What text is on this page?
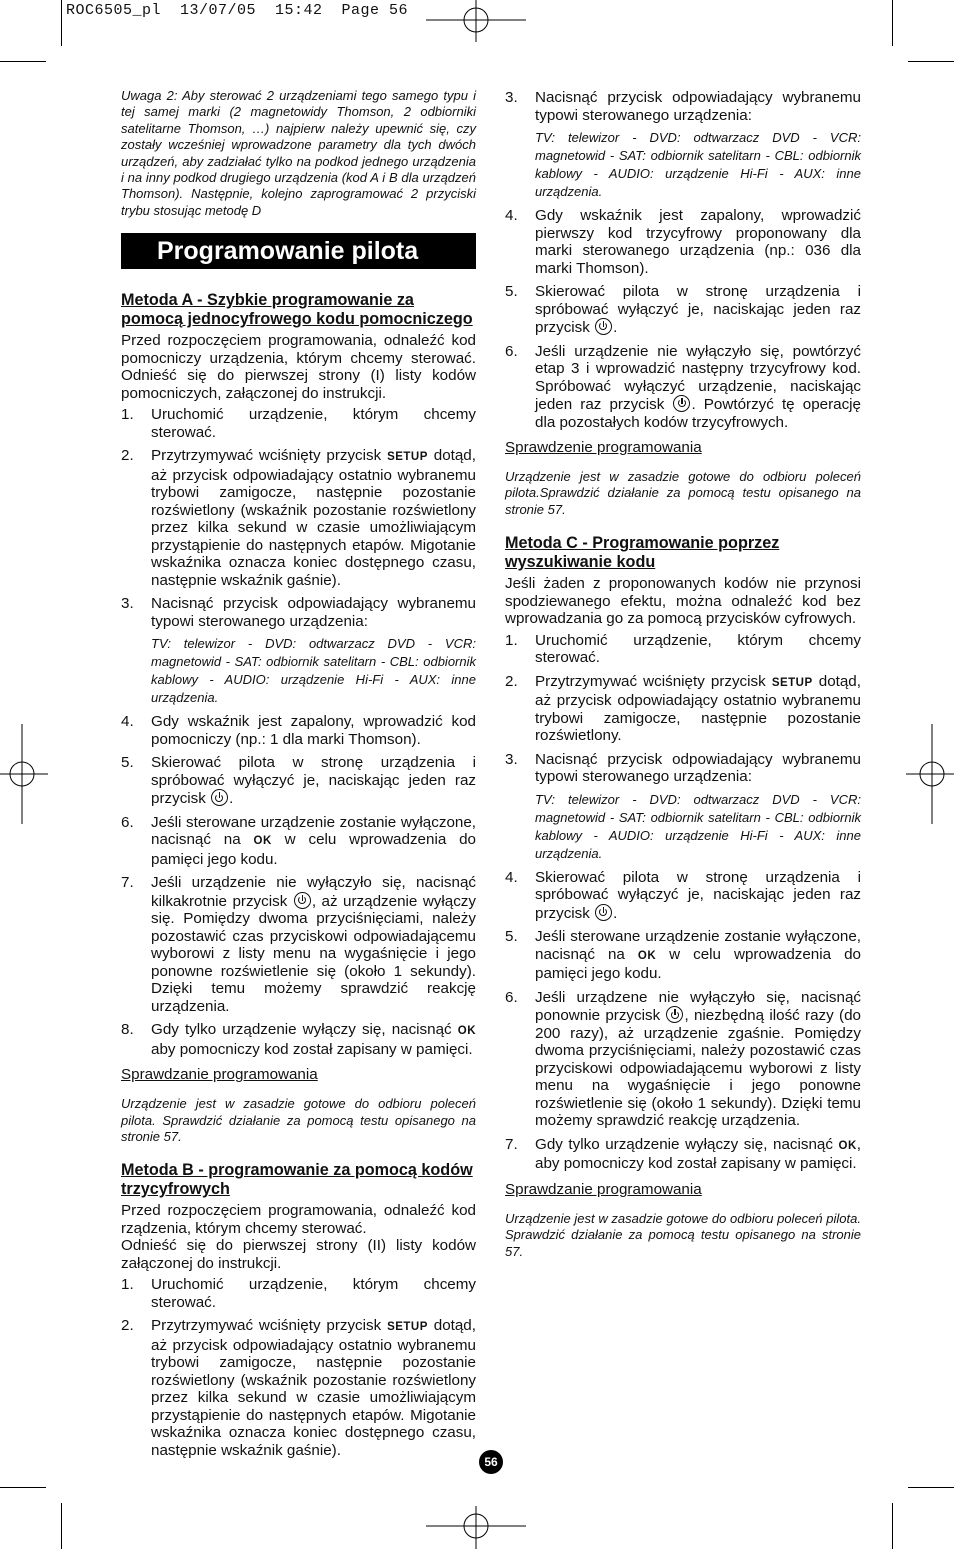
ROC6505_pl  13/07/05  15:42  Page 56

Uwaga 2: Aby sterować 2 urządzeniami tego samego typu i tej samej marki (2 magnetowidy Thomson, 2 odbiorniki satelitarne Thomson, …) najpierw należy upewnić się, czy zostały wcześniej wprowadzone parametry dla tych dwóch urządzeń, aby zadziałać tylko na podkod jednego urządzenia i na inny podkod drugiego urządzenia (kod A i B dla urządzeń Thomson). Następnie, kolejno zaprogramować 2 przyciski trybu stosując metodę D

Programowanie pilota
Metoda A - Szybkie programowanie za pomocą jednocyfrowego kodu pomocniczego

Przed rozpoczęciem programowania, odnaleźć kod pomocniczy urządzenia, którym chcemy sterować. Odnieść się do pierwszej strony (I) listy kodów pomocniczych, załączonej do instrukcji.

1. Uruchomić urządzenie, którym chcemy sterować.
2. Przytrzymywać wciśnięty przycisk SETUP dotąd, aż przycisk odpowiadający ostatnio wybranemu trybowi zamigocze, następnie pozostanie rozświetlony (wskaźnik pozostanie rozświetlony przez kilka sekund w czasie umożliwiającym przystąpienie do następnych etapów. Migotanie wskaźnika oznacza koniec dostępnego czasu, następnie wskaźnik gaśnie).
3. Nacisnąć przycisk odpowiadający wybranemu typowi sterowanego urządzenia:
TV: telewizor - DVD: odtwarzacz DVD - VCR: magnetowid - SAT: odbiornik satelitarn - CBL: odbiornik kablowy - AUDIO: urządzenie Hi-Fi - AUX: inne urządzenia.
4. Gdy wskaźnik jest zapalony, wprowadzić kod pomocniczy (np.: 1 dla marki Thomson).
5. Skierować pilota w stronę urządzenia i spróbować wyłączyć je, naciskając jeden raz przycisk .
6. Jeśli sterowane urządzenie zostanie wyłączone, nacisnąć na OK w celu wprowadzenia do pamięci jego kodu.
7. Jeśli urządzenie nie wyłączyło się, nacisnąć kilkakrotnie przycisk , aż urządzenie wyłączy się. Pomiędzy dwoma przyciśnięciami, należy pozostawić czas przyciskowi odpowiadającemu wyborowi z listy menu na wygaśnięcie i jego ponowne rozświetlenie się (około 1 sekundy). Dzięki temu możemy sprawdzić reakcję urządzenia.
8. Gdy tylko urządzenie wyłączy się, nacisnąć OK aby pomocniczy kod został zapisany w pamięci.
Sprawdzanie programowania

Urządzenie jest w zasadzie gotowe do odbioru poleceń pilota. Sprawdzić działanie za pomocą testu opisanego na stronie 57.

Metoda B - programowanie za pomocą kodów trzycyfrowych

Przed rozpoczęciem programowania, odnaleźć kod rządzenia, którym chcemy sterować.

Odnieść się do pierwszej strony (II) listy kodów załączonej do instrukcji.

1. Uruchomić urządzenie, którym chcemy sterować.
2. Przytrzymywać wciśnięty przycisk SETUP dotąd, aż przycisk odpowiadający ostatnio wybranemu trybowi zamigocze, następnie pozostanie rozświetlony (wskaźnik pozostanie rozświetlony przez kilka sekund w czasie umożliwiającym przystąpienie do następnych etapów. Migotanie wskaźnika oznacza koniec dostępnego czasu, następnie wskaźnik gaśnie).
3. Nacisnąć przycisk odpowiadający wybranemu typowi sterowanego urządzenia:
TV: telewizor - DVD: odtwarzacz DVD - VCR: magnetowid - SAT: odbiornik satelitarn - CBL: odbiornik kablowy - AUDIO: urządzenie Hi-Fi - AUX: inne urządzenia.
4. Gdy wskaźnik jest zapalony, wprowadzić pierwszy kod trzycyfrowy proponowany dla marki sterowanego urządzenia (np.: 036 dla marki Thomson).
5. Skierować pilota w stronę urządzenia i spróbować wyłączyć je, naciskając jeden raz przycisk .
6. Jeśli urządzenie nie wyłączyło się, powtórzyć etap 3 i wprowadzić następny trzycyfrowy kod. Spróbować wyłączyć urządzenie, naciskając jeden raz przycisk . Powtórzyć tę operację dla pozostałych kodów trzycyfrowych.
Sprawdzenie programowania

Urządzenie jest w zasadzie gotowe do odbioru poleceń pilota.Sprawdzić działanie za pomocą testu opisanego na stronie 57.

Metoda C - Programowanie poprzez wyszukiwanie kodu

Jeśli żaden z proponowanych kodów nie przynosi spodziewanego efektu, można odnaleźć kod bez wprowadzania go za pomocą przycisków cyfrowych.

1. Uruchomić urządzenie, którym chcemy sterować.
2. Przytrzymywać wciśnięty przycisk SETUP dotąd, aż przycisk odpowiadający ostatnio wybranemu trybowi zamigocze, następnie pozostanie rozświetlony.
3. Nacisnąć przycisk odpowiadający wybranemu typowi sterowanego urządzenia:
TV: telewizor - DVD: odtwarzacz DVD - VCR: magnetowid - SAT: odbiornik satelitarn - CBL: odbiornik kablowy - AUDIO: urządzenie Hi-Fi - AUX: inne urządzenia.
4. Skierować pilota w stronę urządzenia i spróbować wyłączyć je, naciskając jeden raz przycisk .
5. Jeśli sterowane urządzenie zostanie wyłączone, nacisnąć na OK w celu wprowadzenia do pamięci jego kodu.
6. Jeśli urządzene nie wyłączyło się, nacisnąć ponownie przycisk , niezbędną ilość razy (do 200 razy), aż urządzenie zgaśnie. Pomiędzy dwoma przyciśnięciami, należy pozostawić czas przyciskowi odpowiadającemu wyborowi z listy menu na wygaśnięcie i jego ponowne rozświetlenie się (około 1 sekundy). Dzięki temu możemy sprawdzić reakcję urządzenia.
7. Gdy tylko urządzenie wyłączy się, nacisnąć OK, aby pomocniczy kod został zapisany w pamięci.
Sprawdzanie programowania

Urządzenie jest w zasadzie gotowe do odbioru poleceń pilota. Sprawdzić działanie za pomocą testu opisanego na stronie 57.

56
